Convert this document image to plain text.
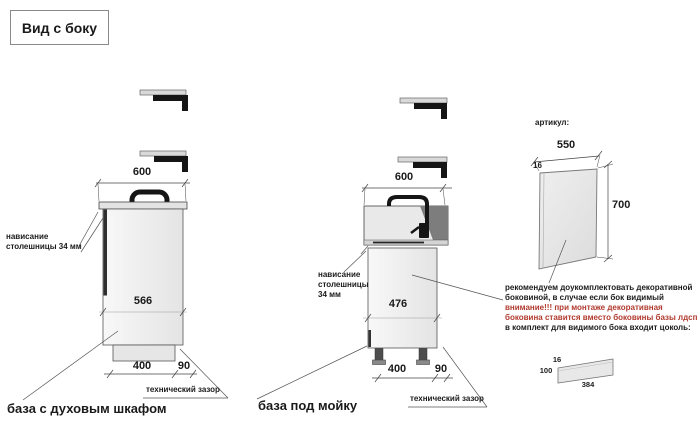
Вид с боку
600
566
400 90
нависание
столешницы 34 мм
технический зазор
база с духовым шкафом
600
476
400	90
нависание
столешницы
34 мм
технический зазор
база под мойку
артикул:
550
16
700
рекомендуем доукомплектовать декоративной
боковиной, в случае если бок видимый
внимание!!! при монтаже декоративная
боковина ставится вместо боковины базы лдсп
в комплект для видимого бока входит цоколь:
16
100
384
